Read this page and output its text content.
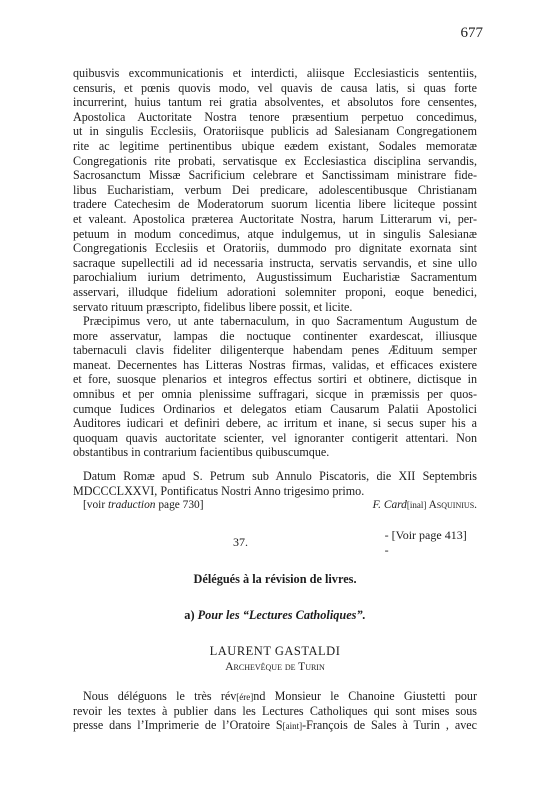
677
quibusvis excommunicationis et interdicti, aliisque Ecclesiasticis sententiis,
censuris, et pœnis quovis modo, vel quavis de causa latis, si quas forte
incurrerint, huius tantum rei gratia absolventes, et absolutos fore censentes,
Apostolica Auctoritate Nostra tenore præsentium perpetuo concedimus,
ut in singulis Ecclesiis, Oratoriisque publicis ad Salesianam Congregationem
rite ac legitime pertinentibus ubique eædem existant, Sodales memoratæ
Congregationis rite probati, servatisque ex Ecclesiastica disciplina servandis,
Sacrosanctum Missæ Sacrificium celebrare et Sanctissimam ministrare fide-
libus Eucharistiam, verbum Dei predicare, adolescentibusque Christianam
tradere Catechesim de Moderatorum suorum licentia libere liciteque possint
et valeant. Apostolica præterea Auctoritate Nostra, harum Litterarum vi, per-
petuum in modum concedimus, atque indulgemus, ut in singulis Salesianæ
Congregationis Ecclesiis et Oratoriis, dummodo pro dignitate exornata sint
sacraque supellectili ad id necessaria instructa, servatis servandis, et sine ullo
parochialium iurium detrimento, Augustissimum Eucharistiæ Sacramentum
asservari, illudque fidelium adorationi solemniter proponi, eoque benedici,
servato rituum præscripto, fidelibus libere possit, et licite.
Præcipimus vero, ut ante tabernaculum, in quo Sacramentum Augustum de
more asservatur, lampas die noctuque continenter exardescat, illiusque
tabernaculi clavis fideliter diligenterque habendam penes Ædituum semper
maneat. Decernentes has Litteras Nostras firmas, validas, et efficaces existere
et fore, suosque plenarios et integros effectus sortiri et obtinere, dictisque in
omnibus et per omnia plenissime suffragari, sicque in præmissis per quos-
cumque Iudices Ordinarios et delegatos etiam Causarum Palatii Apostolici
Auditores iudicari et definiri debere, ac irritum et inane, si secus super his a
quoquam quavis auctoritate scienter, vel ignoranter contigerit attentari. Non
obstantibus in contrarium facientibus quibuscumque.
Datum Romæ apud S. Petrum sub Annulo Piscatoris, die XII Septembris
MDCCCLXXVI, Pontificatus Nostri Anno trigesimo primo.
[voir traduction page 730]	F. Card[inal] Asquinius.
37.
- [Voir page 413] -
Délégués à la révision de livres.
a) Pour les “Lectures Catholiques”.
LAURENT GASTALDI
Archevêque de Turin
Nous déléguons le très rév[ére]nd Monsieur le Chanoine Giustetti pour
revoir les textes à publier dans les Lectures Catholiques qui sont mises sous
presse dans l’Imprimerie de l’Oratoire S[aint]-François de Sales à Turin , avec
